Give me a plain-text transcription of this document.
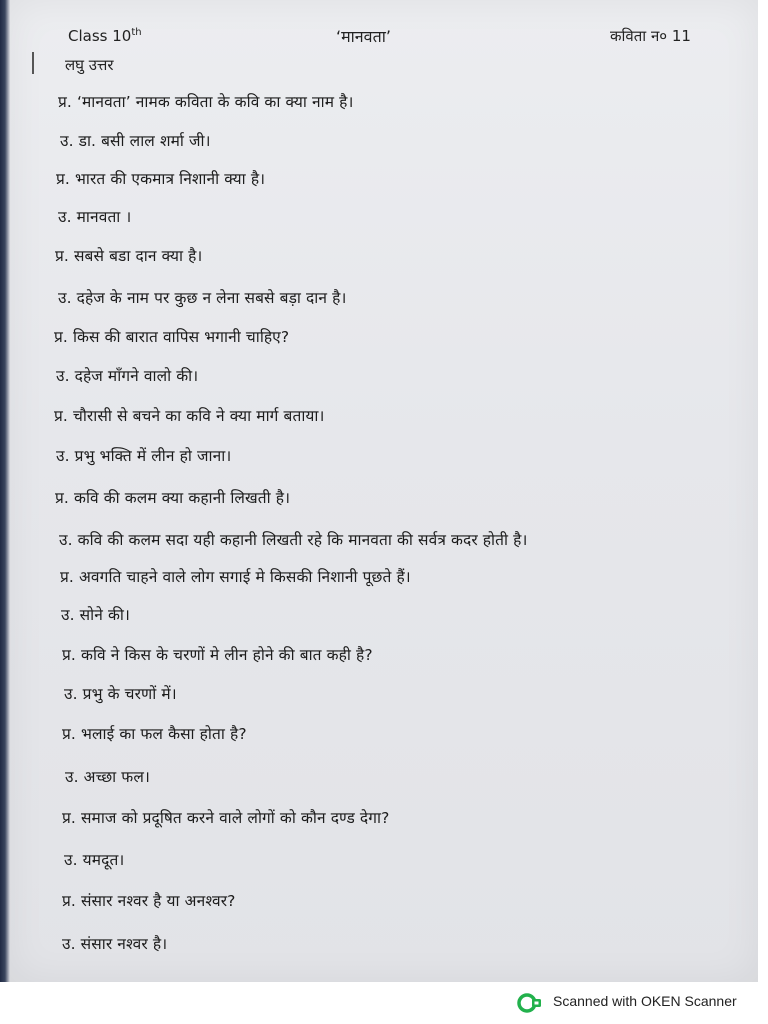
Class 10th	‘मानवता’	कविता न० 11
लघु उत्तर
प्र. ‘मानवता’ नामक कविता के कवि का क्या नाम है।
उ. डा. बसी लाल शर्मा जी।
प्र. भारत की एकमात्र निशानी क्या है।
उ. मानवता ।
प्र. सबसे बडा दान क्या है।
उ. दहेज के नाम पर कुछ न लेना सबसे बड़ा दान है।
प्र. किस की बारात वापिस भगानी चाहिए?
उ. दहेज माँगने वालो की।
प्र. चौरासी से बचने का कवि ने क्या मार्ग बताया।
उ. प्रभु भक्ति में लीन हो जाना।
प्र. कवि की कलम क्या कहानी लिखती है।
उ. कवि की कलम सदा यही कहानी लिखती रहे कि मानवता की सर्वत्र कदर होती है।
प्र. अवगति चाहने वाले लोग सगाई मे किसकी निशानी पूछते हैं।
उ. सोने की।
प्र. कवि ने किस के चरणों मे लीन होने की बात कही है?
उ. प्रभु के चरणों में।
प्र. भलाई का फल कैसा होता है?
उ. अच्छा फल।
प्र. समाज को प्रदूषित करने वाले लोगों को कौन दण्ड देगा?
उ. यमदूत।
प्र. संसार नश्वर है या अनश्वर?
उ. संसार नश्वर है।
Scanned with OKEN Scanner
